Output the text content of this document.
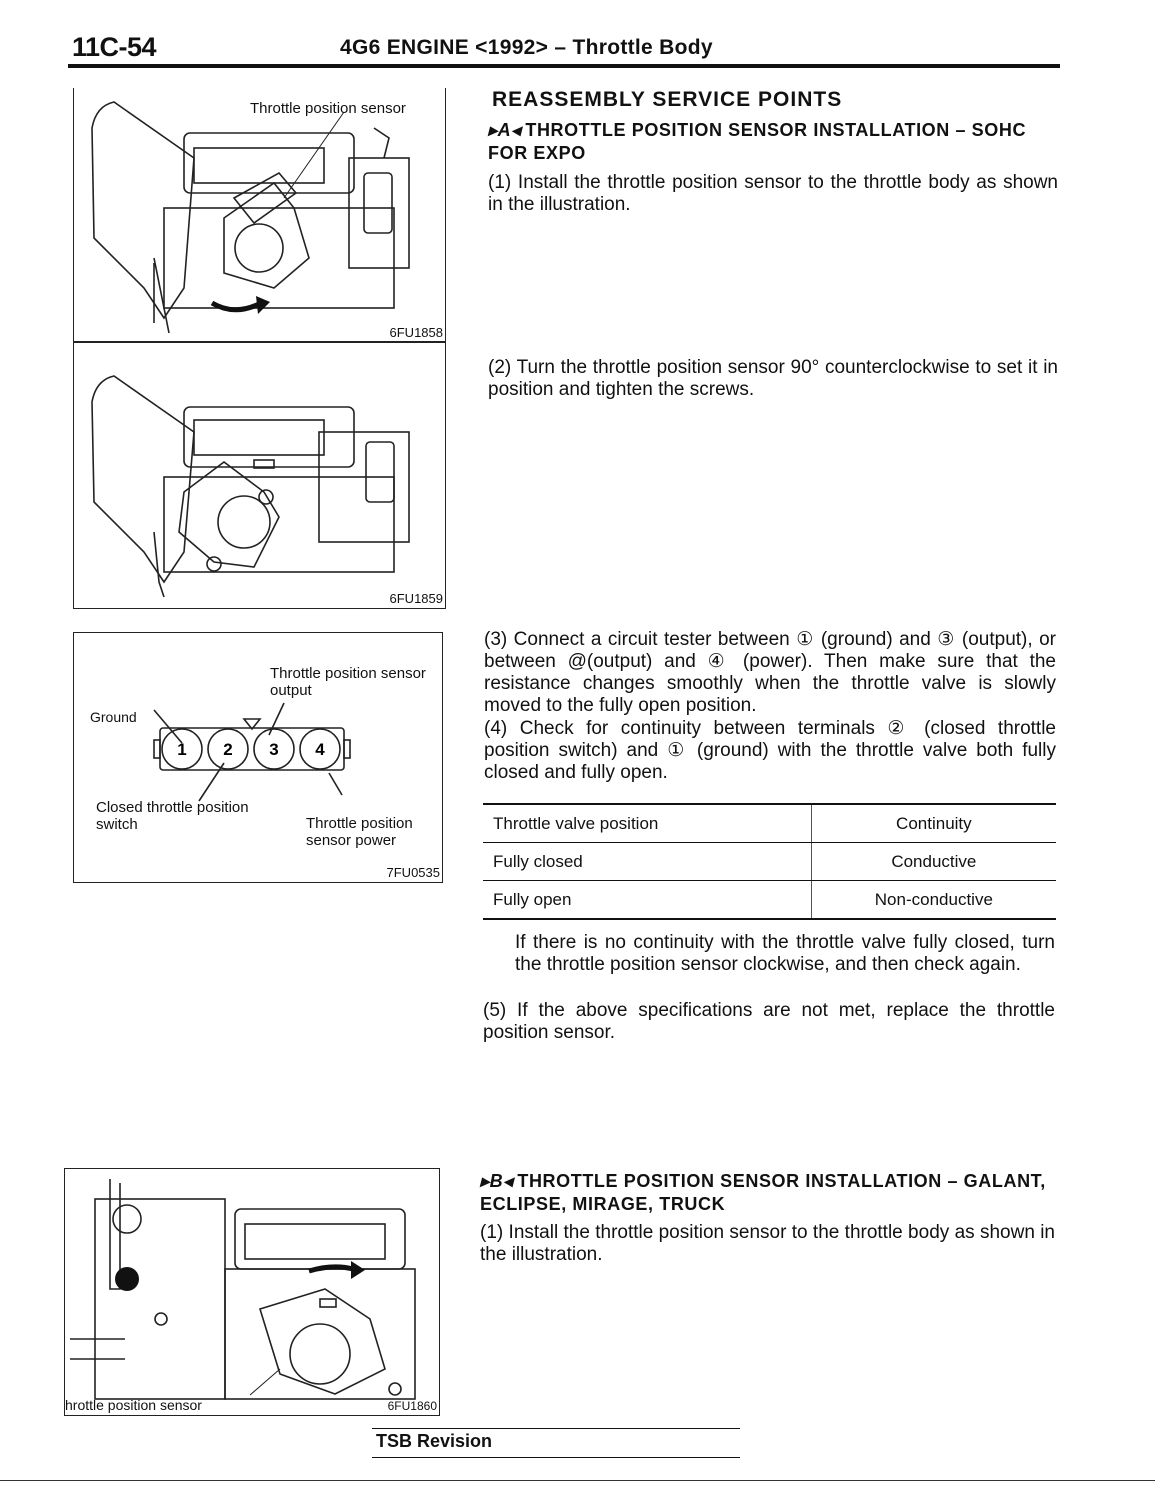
11C-54	4G6 ENGINE <1992> – Throttle Body
Throttle position sensor
6FU1858
6FU1859
1 2 3 4
Throttle position sensor output
Ground
Closed throttle position switch	Throttle position sensor power
7FU0535
REASSEMBLY SERVICE POINTS
▸A◂ THROTTLE POSITION SENSOR INSTALLATION – SOHC FOR EXPO
(1) Install the throttle position sensor to the throttle body as shown in the illustration.
(2) Turn the throttle position sensor 90° counterclockwise to set it in position and tighten the screws.
(3) Connect a circuit tester between ① (ground) and ③ (output), or between @(output) and ④ (power). Then make sure that the resistance changes smoothly when the throttle valve is slowly moved to the fully open position.
(4) Check for continuity between terminals ② (closed throttle position switch) and ① (ground) with the throttle valve both fully closed and fully open.
Throttle valve position	Continuity
Fully closed	Conductive
Fully open	Non-conductive
If there is no continuity with the throttle valve fully closed, turn the throttle position sensor clockwise, and then check again.
(5) If the above specifications are not met, replace the throttle position sensor.
▸B◂ THROTTLE POSITION SENSOR INSTALLATION – GALANT, ECLIPSE, MIRAGE, TRUCK
(1) Install the throttle position sensor to the throttle body as shown in the illustration.
hrottle position sensor	6FU1860
TSB Revision
